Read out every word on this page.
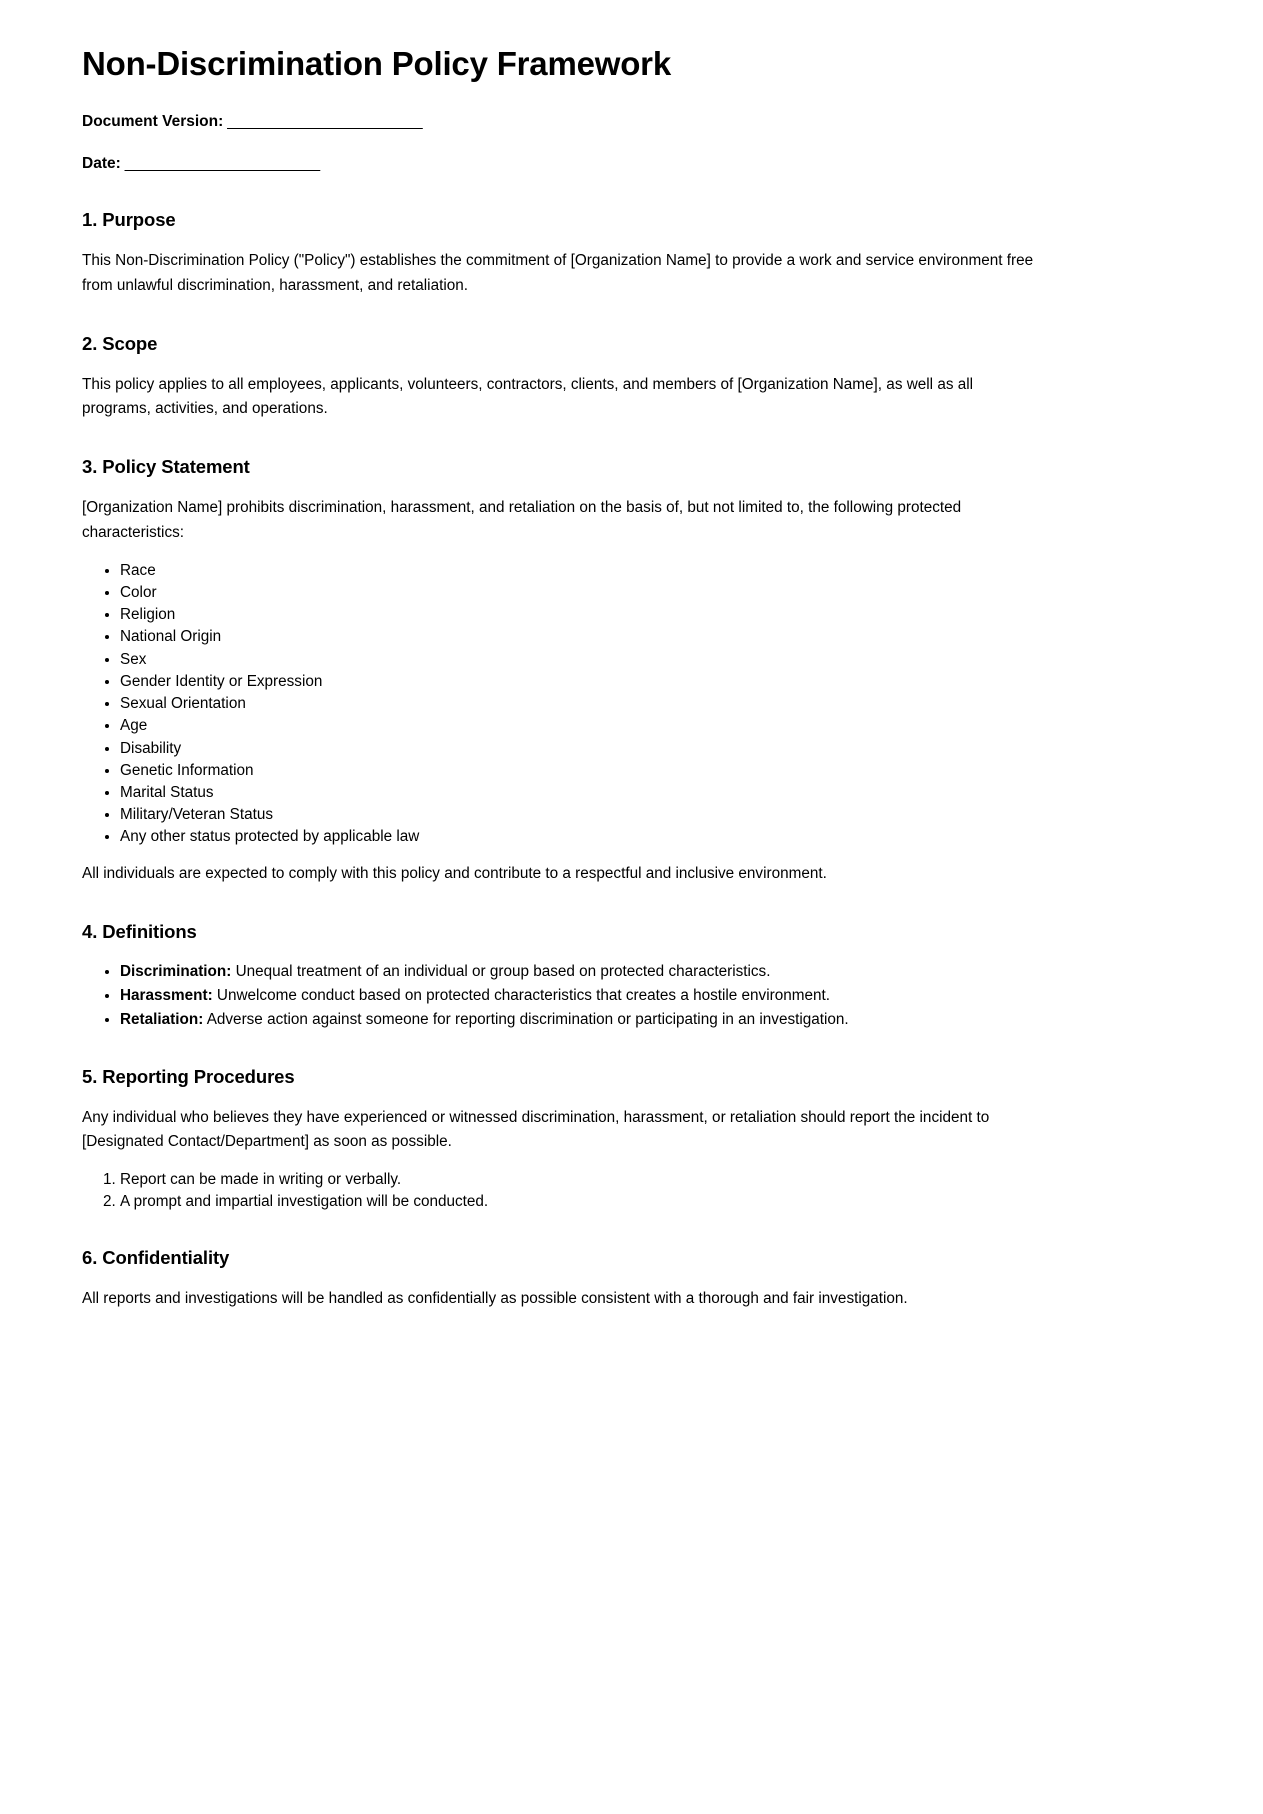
Non-Discrimination Policy Framework
Document Version: ________________________
Date: ________________________
1. Purpose

This Non-Discrimination Policy ("Policy") establishes the commitment of [Organization Name] to provide a work and service environment free from unlawful discrimination, harassment, and retaliation.

2. Scope

This policy applies to all employees, applicants, volunteers, contractors, clients, and members of [Organization Name], as well as all programs, activities, and operations.

3. Policy Statement

[Organization Name] prohibits discrimination, harassment, and retaliation on the basis of, but not limited to, the following protected characteristics:

• Race
• Color
• Religion
• National Origin
• Sex
• Gender Identity or Expression
• Sexual Orientation
• Age
• Disability
• Genetic Information
• Marital Status
• Military/Veteran Status
• Any other status protected by applicable law

All individuals are expected to comply with this policy and contribute to a respectful and inclusive environment.

4. Definitions
• Discrimination: Unequal treatment of an individual or group based on protected characteristics.
• Harassment: Unwelcome conduct based on protected characteristics that creates a hostile environment.
• Retaliation: Adverse action against someone for reporting discrimination or participating in an investigation.
5. Reporting Procedures

Any individual who believes they have experienced or witnessed discrimination, harassment, or retaliation should report the incident to [Designated Contact/Department] as soon as possible.

1. Report can be made in writing or verbally.
2. A prompt and impartial investigation will be conducted.
6. Confidentiality

All reports and investigations will be handled as confidentially as possible consistent with a thorough and fair investigation.
